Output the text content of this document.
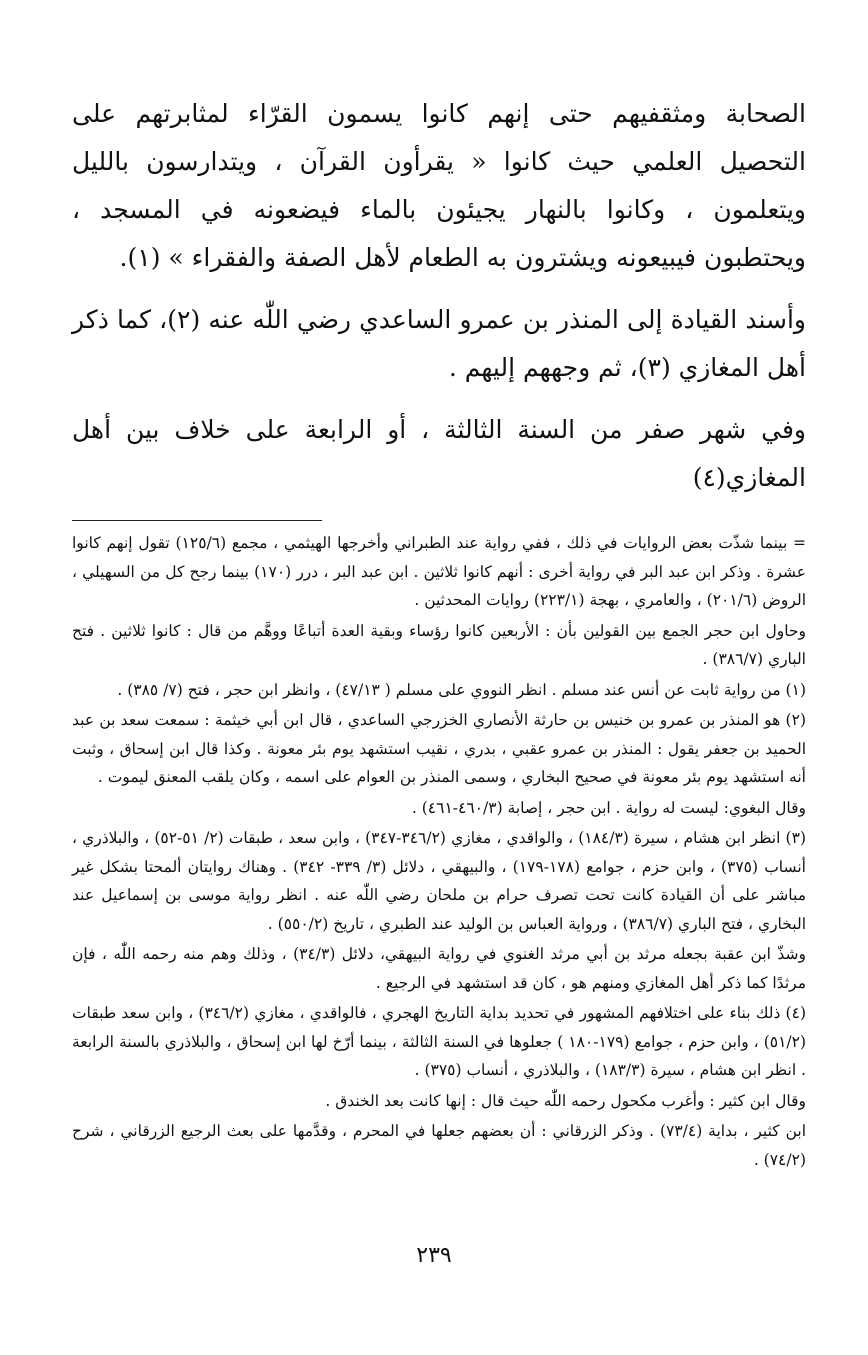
الصحابة ومثقفيهم حتى إنهم كانوا يسمون القرّاء لمثابرتهم على التحصيل العلمي حيث كانوا « يقرأون القرآن ، ويتدارسون بالليل ويتعلمون ، وكانوا بالنهار يجيئون بالماء فيضعونه في المسجد ، ويحتطبون فيبيعونه ويشترون به الطعام لأهل الصفة والفقراء » (١).

وأسند القيادة إلى المنذر بن عمرو الساعدي رضي اللّٰه عنه (٢)، كما ذكر أهل المغازي (٣)، ثم وجههم إليهم .

وفي شهر صفر من السنة الثالثة ، أو الرابعة على خلاف بين أهل المغازي(٤)

= بينما شذّت بعض الروايات في ذلك ، ففي رواية عند الطبراني وأخرجها الهيثمي ، مجمع (١٢٥/٦) تقول إنهم كانوا عشرة . وذكر ابن عبد البر في رواية أخرى : أنهم كانوا ثلاثين . ابن عبد البر ، درر (١٧٠) بينما رجح كل من السهيلي ، الروض (٢٠١/٦) ، والعامري ، بهجة (٢٢٣/١) روايات المحدثين .

وحاول ابن حجر الجمع بين القولين بأن : الأربعين كانوا رؤساء وبقية العدة أتباعًا ووهَّم من قال : كانوا ثلاثين . فتح الباري (٣٨٦/٧) .

(١) من رواية ثابت عن أنس عند مسلم . انظر النووي على مسلم ( ٤٧/١٣) ، وانظر ابن حجر ، فتح (٧/ ٣٨٥) .

(٢) هو المنذر بن عمرو بن خنيس بن حارثة الأنصاري الخزرجي الساعدي ، قال ابن أبي خيثمة : سمعت سعد بن عبد الحميد بن جعفر يقول : المنذر بن عمرو عقبي ، بدري ، نقيب استشهد يوم بئر معونة . وكذا قال ابن إسحاق ، وثبت أنه استشهد يوم بئر معونة في صحيح البخاري ، وسمى المنذر بن العوام على اسمه ، وكان يلقب المعنق ليموت .

وقال البغوي: ليست له رواية . ابن حجر ، إصابة (٤٦٠/٣-٤٦١) .

(٣) انظر ابن هشام ، سيرة (١٨٤/٣) ، والواقدي ، مغازي (٣٤٦/٢-٣٤٧) ، وابن سعد ، طبقات (٢/ ٥١-٥٢) ، والبلاذري ، أنساب (٣٧٥) ، وابن حزم ، جوامع (١٧٨-١٧٩) ، والبيهقي ، دلائل (٣/ ٣٣٩- ٣٤٢) . وهناك روايتان ألمحتا بشكل غير مباشر على أن القيادة كانت تحت تصرف حرام بن ملحان رضي اللّٰه عنه . انظر رواية موسى بن إسماعيل عند البخاري ، فتح الباري (٣٨٦/٧) ، ورواية العباس بن الوليد عند الطبري ، تاريخ (٥٥٠/٢) .

وشذّ ابن عقبة بجعله مرثد بن أبي مرثد الغنوي في رواية البيهقي، دلائل (٣٤/٣) ، وذلك وهم منه رحمه اللّٰه ، فإن مرثدًا كما ذكر أهل المغازي ومنهم هو ، كان قد استشهد في الرجيع .

(٤) ذلك بناء على اختلافهم المشهور في تحديد بداية التاريخ الهجري ، فالواقدي ، مغازي (٣٤٦/٢) ، وابن سعد طبقات (٥١/٢) ، وابن حزم ، جوامع (١٧٩-١٨٠ ) جعلوها في السنة الثالثة ، بينما أرّخ لها ابن إسحاق ، والبلاذري بالسنة الرابعة . انظر ابن هشام ، سيرة (١٨٣/٣) ، والبلاذري ، أنساب (٣٧٥) .

وقال ابن كثير : وأغرب مكحول رحمه اللّٰه حيث قال : إنها كانت بعد الخندق .

ابن كثير ، بداية (٧٣/٤) . وذكر الزرقاني : أن بعضهم جعلها في المحرم ، وقدَّمها على بعث الرجيع الزرقاني ، شرح (٧٤/٢) .

٢٣٩
